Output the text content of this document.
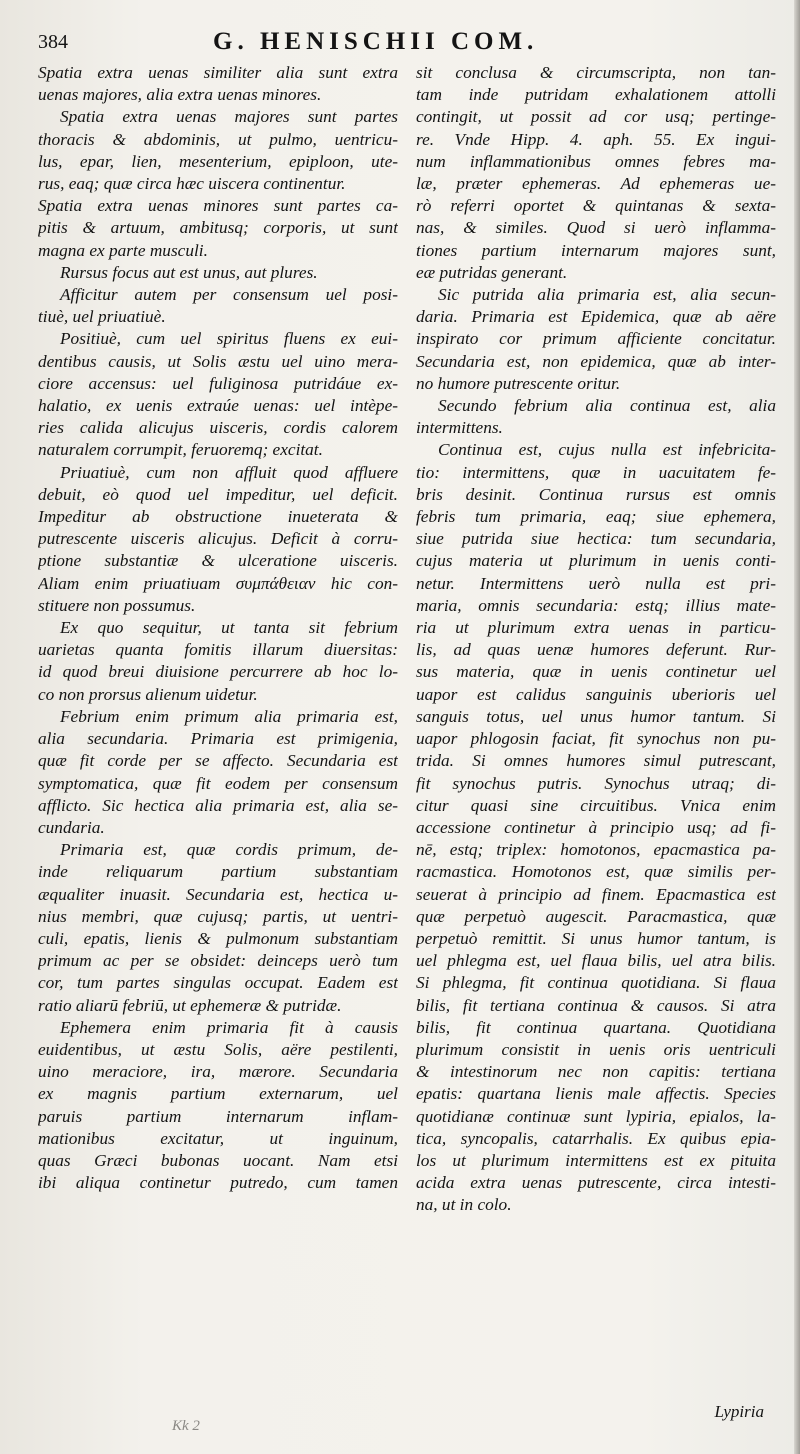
384	G. HENISCHII COM.
Spatia extra uenas similiter alia sunt extra
uenas majores, alia extra uenas minores.
Spatia extra uenas majores sunt partes
thoracis & abdominis, ut pulmo, uentricu-
lus, epar, lien, mesenterium, epiploon, ute-
rus, eaq; quæ circa hæc uiscera continentur.
Spatia extra uenas minores sunt partes ca-
pitis & artuum, ambitusq; corporis, ut sunt
magna ex parte musculi.
Rursus focus aut est unus, aut plures.
Afficitur autem per consensum uel posi-
tiuè, uel priuatiuè.
Positiuè, cum uel spiritus fluens ex eui-
dentibus causis, ut Solis æstu uel uino mera-
ciore accensus: uel fuliginosa putridáue ex-
halatio, ex uenis extraúe uenas: uel intèpe-
ries calida alicujus uisceris, cordis calorem
naturalem corrumpit, feruoremq; excitat.
Priuatiuè, cum non affluit quod affluere
debuit, eò quod uel impeditur, uel deficit.
Impeditur ab obstructione inueterata &
putrescente uisceris alicujus. Deficit à corru-
ptione substantiæ & ulceratione uisceris.
Aliam enim priuatiuam συμπάθειαν hic con-
stituere non possumus.
Ex quo sequitur, ut tanta sit febrium
uarietas quanta fomitis illarum diuersitas:
id quod breui diuisione percurrere ab hoc lo-
co non prorsus alienum uidetur.
Febrium enim primum alia primaria est,
alia secundaria. Primaria est primigenia,
quæ fit corde per se affecto. Secundaria est
symptomatica, quæ fit eodem per consensum
afflicto. Sic hectica alia primaria est, alia se-
cundaria.
Primaria est, quæ cordis primum, de-
inde reliquarum partium substantiam
æqualiter inuasit. Secundaria est, hectica u-
nius membri, quæ cujusq; partis, ut uentri-
culi, epatis, lienis & pulmonum substantiam
primum ac per se obsidet: deinceps uerò tum
cor, tum partes singulas occupat. Eadem est
ratio aliarū febriū, ut ephemeræ & putridæ.
Ephemera enim primaria fit à causis
euidentibus, ut æstu Solis, aëre pestilenti,
uino meraciore, ira, mærore. Secundaria
ex magnis partium externarum, uel
paruis partium internarum inflam-
mationibus excitatur, ut inguinum,
quas Græci bubonas uocant. Nam etsi
ibi aliqua continetur putredo, cum tamen
sit conclusa & circumscripta, non tan-
tam inde putridam exhalationem attolli
contingit, ut possit ad cor usq; pertinge-
re. Vnde Hipp. 4. aph. 55. Ex ingui-
num inflammationibus omnes febres ma-
læ, præter ephemeras. Ad ephemeras ue-
rò referri oportet & quintanas & sexta-
nas, & similes. Quod si uerò inflamma-
tiones partium internarum majores sunt,
eæ putridas generant.
Sic putrida alia primaria est, alia secun-
daria. Primaria est Epidemica, quæ ab aëre
inspirato cor primum afficiente concitatur.
Secundaria est, non epidemica, quæ ab inter-
no humore putrescente oritur.
Secundo febrium alia continua est, alia
intermittens.
Continua est, cujus nulla est infebricita-
tio: intermittens, quæ in uacuitatem fe-
bris desinit. Continua rursus est omnis
febris tum primaria, eaq; siue ephemera,
siue putrida siue hectica: tum secundaria,
cujus materia ut plurimum in uenis conti-
netur. Intermittens uerò nulla est pri-
maria, omnis secundaria: estq; illius mate-
ria ut plurimum extra uenas in particu-
lis, ad quas uenæ humores deferunt. Rur-
sus materia, quæ in uenis continetur uel
uapor est calidus sanguinis uberioris uel
sanguis totus, uel unus humor tantum. Si
uapor phlogosin faciat, fit synochus non pu-
trida. Si omnes humores simul putrescant,
fit synochus putris. Synochus utraq; di-
citur quasi sine circuitibus. Vnica enim
accessione continetur à principio usq; ad fi-
nē, estq; triplex: homotonos, epacmastica pa-
racmastica. Homotonos est, quæ similis per-
seuerat à principio ad finem. Epacmastica est
quæ perpetuò augescit. Paracmastica, quæ
perpetuò remittit. Si unus humor tantum, is
uel phlegma est, uel flaua bilis, uel atra bilis.
Si phlegma, fit continua quotidiana. Si flaua
bilis, fit tertiana continua & causos. Si atra
bilis, fit continua quartana. Quotidiana
plurimum consistit in uenis oris uentriculi
& intestinorum nec non capitis: tertiana
epatis: quartana lienis male affectis. Species
quotidianæ continuæ sunt lypiria, epialos, la-
tica, syncopalis, catarrhalis. Ex quibus epia-
los ut plurimum intermittens est ex pituita
acida extra uenas putrescente, circa intesti-
na, ut in colo.
Kk 2
Lypiria
